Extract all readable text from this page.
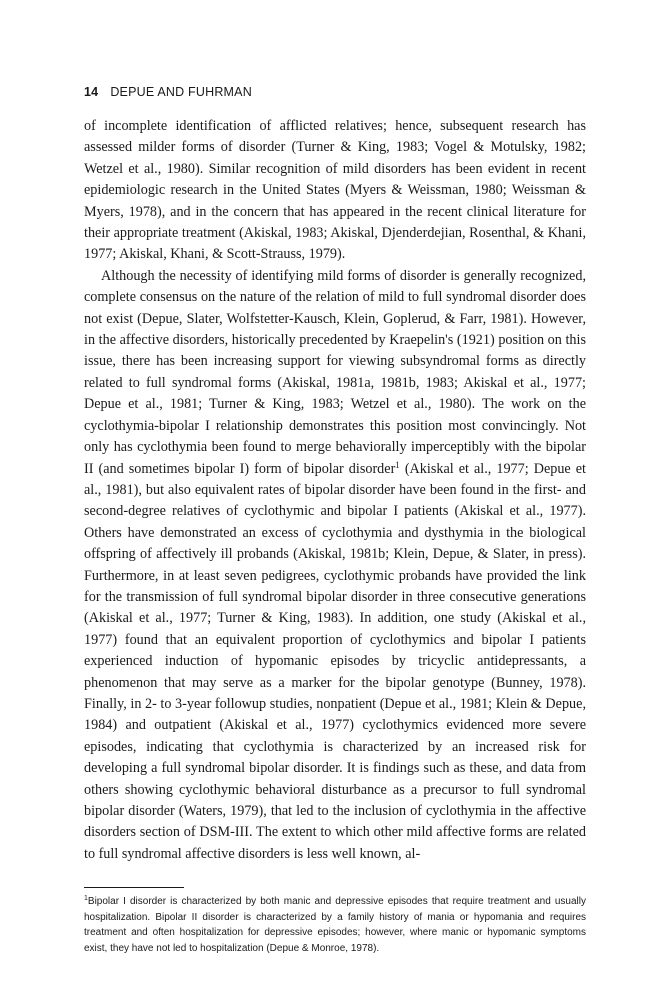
14 DEPUE AND FUHRMAN

of incomplete identification of afflicted relatives; hence, subsequent research has assessed milder forms of disorder (Turner & King, 1983; Vogel & Motulsky, 1982; Wetzel et al., 1980). Similar recognition of mild disorders has been evident in recent epidemiologic research in the United States (Myers & Weissman, 1980; Weissman & Myers, 1978), and in the concern that has appeared in the recent clinical literature for their appropriate treatment (Akiskal, 1983; Akiskal, Djenderdejian, Rosenthal, & Khani, 1977; Akiskal, Khani, & Scott-Strauss, 1979).

Although the necessity of identifying mild forms of disorder is generally recognized, complete consensus on the nature of the relation of mild to full syndromal disorder does not exist (Depue, Slater, Wolfstetter-Kausch, Klein, Goplerud, & Farr, 1981). However, in the affective disorders, historically precedented by Kraepelin's (1921) position on this issue, there has been increasing support for viewing subsyndromal forms as directly related to full syndromal forms (Akiskal, 1981a, 1981b, 1983; Akiskal et al., 1977; Depue et al., 1981; Turner & King, 1983; Wetzel et al., 1980). The work on the cyclothymia-bipolar I relationship demonstrates this position most convincingly. Not only has cyclothymia been found to merge behaviorally imperceptibly with the bipolar II (and sometimes bipolar I) form of bipolar disorder$^1$ (Akiskal et al., 1977; Depue et al., 1981), but also equivalent rates of bipolar disorder have been found in the first- and second-degree relatives of cyclothymic and bipolar I patients (Akiskal et al., 1977). Others have demonstrated an excess of cyclothymia and dysthymia in the biological offspring of affectively ill probands (Akiskal, 1981b; Klein, Depue, & Slater, in press). Furthermore, in at least seven pedigrees, cyclothymic probands have provided the link for the transmission of full syndromal bipolar disorder in three consecutive generations (Akiskal et al., 1977; Turner & King, 1983). In addition, one study (Akiskal et al., 1977) found that an equivalent proportion of cyclothymics and bipolar I patients experienced induction of hypomanic episodes by tricyclic antidepressants, a phenomenon that may serve as a marker for the bipolar genotype (Bunney, 1978). Finally, in 2- to 3-year followup studies, nonpatient (Depue et al., 1981; Klein & Depue, 1984) and outpatient (Akiskal et al., 1977) cyclothymics evidenced more severe episodes, indicating that cyclothymia is characterized by an increased risk for developing a full syndromal bipolar disorder. It is findings such as these, and data from others showing cyclothymic behavioral disturbance as a precursor to full syndromal bipolar disorder (Waters, 1979), that led to the inclusion of cyclothymia in the affective disorders section of DSM-III. The extent to which other mild affective forms are related to full syndromal affective disorders is less well known, al-

$^1$Bipolar I disorder is characterized by both manic and depressive episodes that require treatment and usually hospitalization. Bipolar II disorder is characterized by a family history of mania or hypomania and requires treatment and often hospitalization for depressive episodes; however, where manic or hypomanic symptoms exist, they have not led to hospitalization (Depue & Monroe, 1978).
